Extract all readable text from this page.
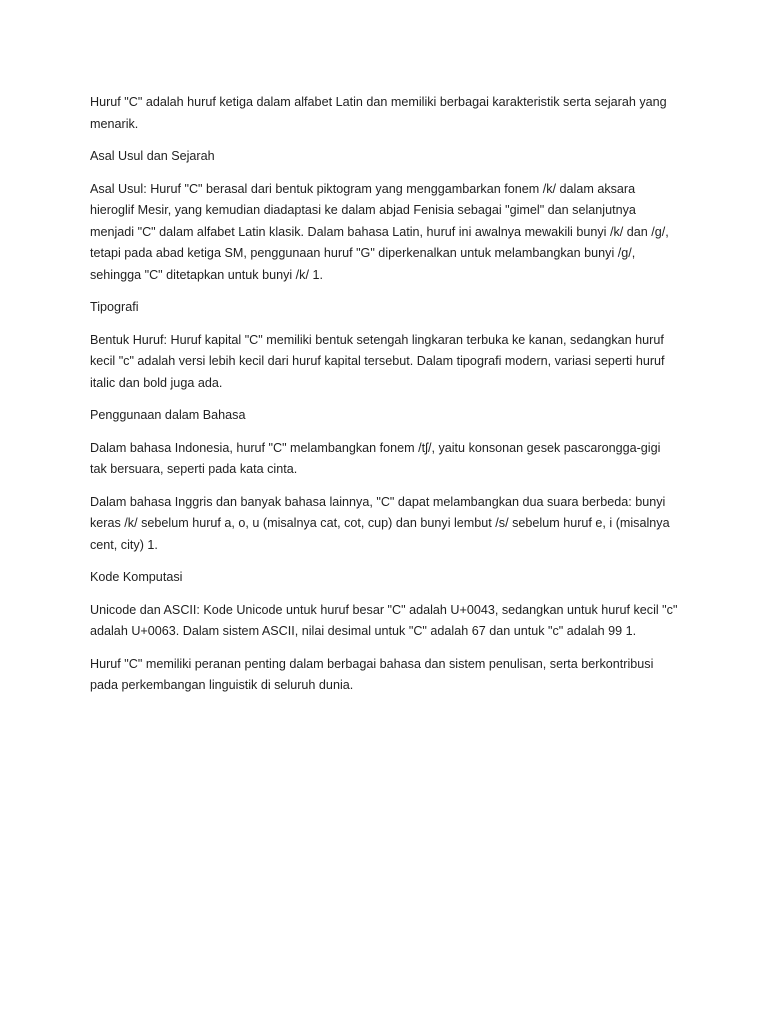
Huruf "C" adalah huruf ketiga dalam alfabet Latin dan memiliki berbagai karakteristik serta sejarah yang menarik.

Asal Usul dan Sejarah

Asal Usul: Huruf "C" berasal dari bentuk piktogram yang menggambarkan fonem /k/ dalam aksara hieroglif Mesir, yang kemudian diadaptasi ke dalam abjad Fenisia sebagai "gimel" dan selanjutnya menjadi "C" dalam alfabet Latin klasik. Dalam bahasa Latin, huruf ini awalnya mewakili bunyi /k/ dan /g/, tetapi pada abad ketiga SM, penggunaan huruf "G" diperkenalkan untuk melambangkan bunyi /g/, sehingga "C" ditetapkan untuk bunyi /k/ 1.

Tipografi

Bentuk Huruf: Huruf kapital "C" memiliki bentuk setengah lingkaran terbuka ke kanan, sedangkan huruf kecil "c" adalah versi lebih kecil dari huruf kapital tersebut. Dalam tipografi modern, variasi seperti huruf italic dan bold juga ada.

Penggunaan dalam Bahasa

Dalam bahasa Indonesia, huruf "C" melambangkan fonem /tʃ/, yaitu konsonan gesek pascarongga-gigi tak bersuara, seperti pada kata cinta.

Dalam bahasa Inggris dan banyak bahasa lainnya, "C" dapat melambangkan dua suara berbeda: bunyi keras /k/ sebelum huruf a, o, u (misalnya cat, cot, cup) dan bunyi lembut /s/ sebelum huruf e, i (misalnya cent, city) 1.

Kode Komputasi

Unicode dan ASCII: Kode Unicode untuk huruf besar "C" adalah U+0043, sedangkan untuk huruf kecil "c" adalah U+0063. Dalam sistem ASCII, nilai desimal untuk "C" adalah 67 dan untuk "c" adalah 99 1.

Huruf "C" memiliki peranan penting dalam berbagai bahasa dan sistem penulisan, serta berkontribusi pada perkembangan linguistik di seluruh dunia.
